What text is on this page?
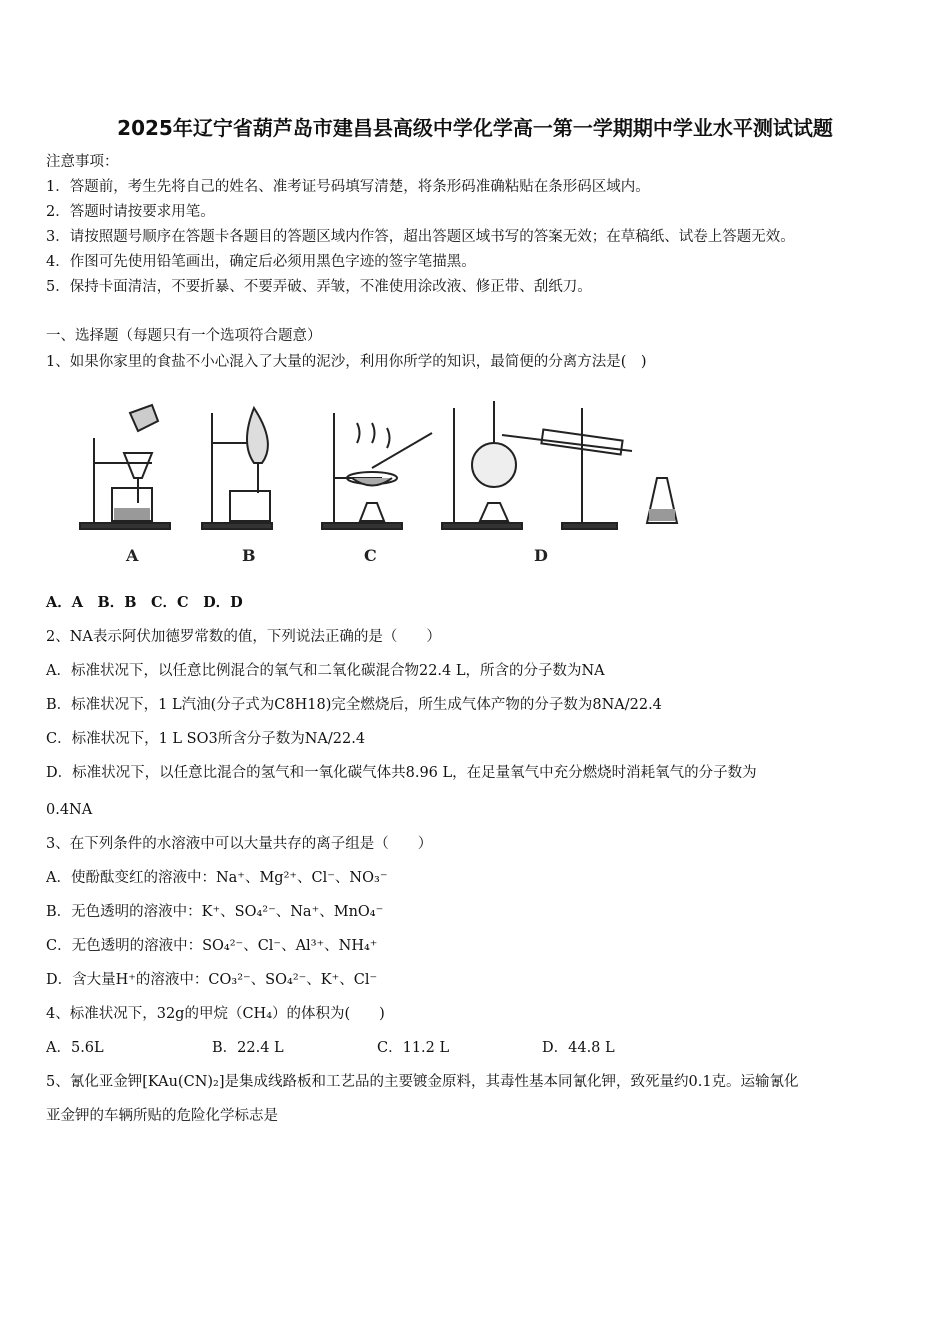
2025年辽宁省葫芦岛市建昌县高级中学化学高一第一学期期中学业水平测试试题
注意事项：
1．答题前，考生先将自己的姓名、准考证号码填写清楚，将条形码准确粘贴在条形码区域内。
2．答题时请按要求用笔。
3．请按照题号顺序在答题卡各题目的答题区域内作答，超出答题区域书写的答案无效；在草稿纸、试卷上答题无效。
4．作图可先使用铅笔画出，确定后必须用黑色字迹的签字笔描黑。
5．保持卡面清洁，不要折暴、不要弄破、弄皱，不准使用涂改液、修正带、刮纸刀。
一、选择题（每题只有一个选项符合题意）
1、如果你家里的食盐不小心混入了大量的泥沙，利用你所学的知识，最简便的分离方法是(　)
A	B	C	D
A．A　B．B　C．C　D．D
2、NA表示阿伏加德罗常数的值，下列说法正确的是（　　）
A．标准状况下，以任意比例混合的氧气和二氧化碳混合物22.4 L，所含的分子数为NA
B．标准状况下，1 L汽油(分子式为C8H18)完全燃烧后，所生成气体产物的分子数为8NA/22.4
C．标准状况下，1 L SO3所含分子数为NA/22.4
D．标准状况下，以任意比混合的氢气和一氧化碳气体共8.96 L，在足量氧气中充分燃烧时消耗氧气的分子数为
0.4NA
3、在下列条件的水溶液中可以大量共存的离子组是（　　）
A．使酚酞变红的溶液中：Na⁺、Mg²⁺、Cl⁻、NO₃⁻
B．无色透明的溶液中：K⁺、SO₄²⁻、Na⁺、MnO₄⁻
C．无色透明的溶液中：SO₄²⁻、Cl⁻、Al³⁺、NH₄⁺
D．含大量H⁺的溶液中：CO₃²⁻、SO₄²⁻、K⁺、Cl⁻
4、标准状况下，32g的甲烷（CH₄）的体积为(　　)
A．5.6L	B．22.4 L	C．11.2 L	D．44.8 L
5、氰化亚金钾[KAu(CN)₂]是集成线路板和工艺品的主要镀金原料，其毒性基本同氰化钾，致死量约0.1克。运输氰化
亚金钾的车辆所贴的危险化学标志是
